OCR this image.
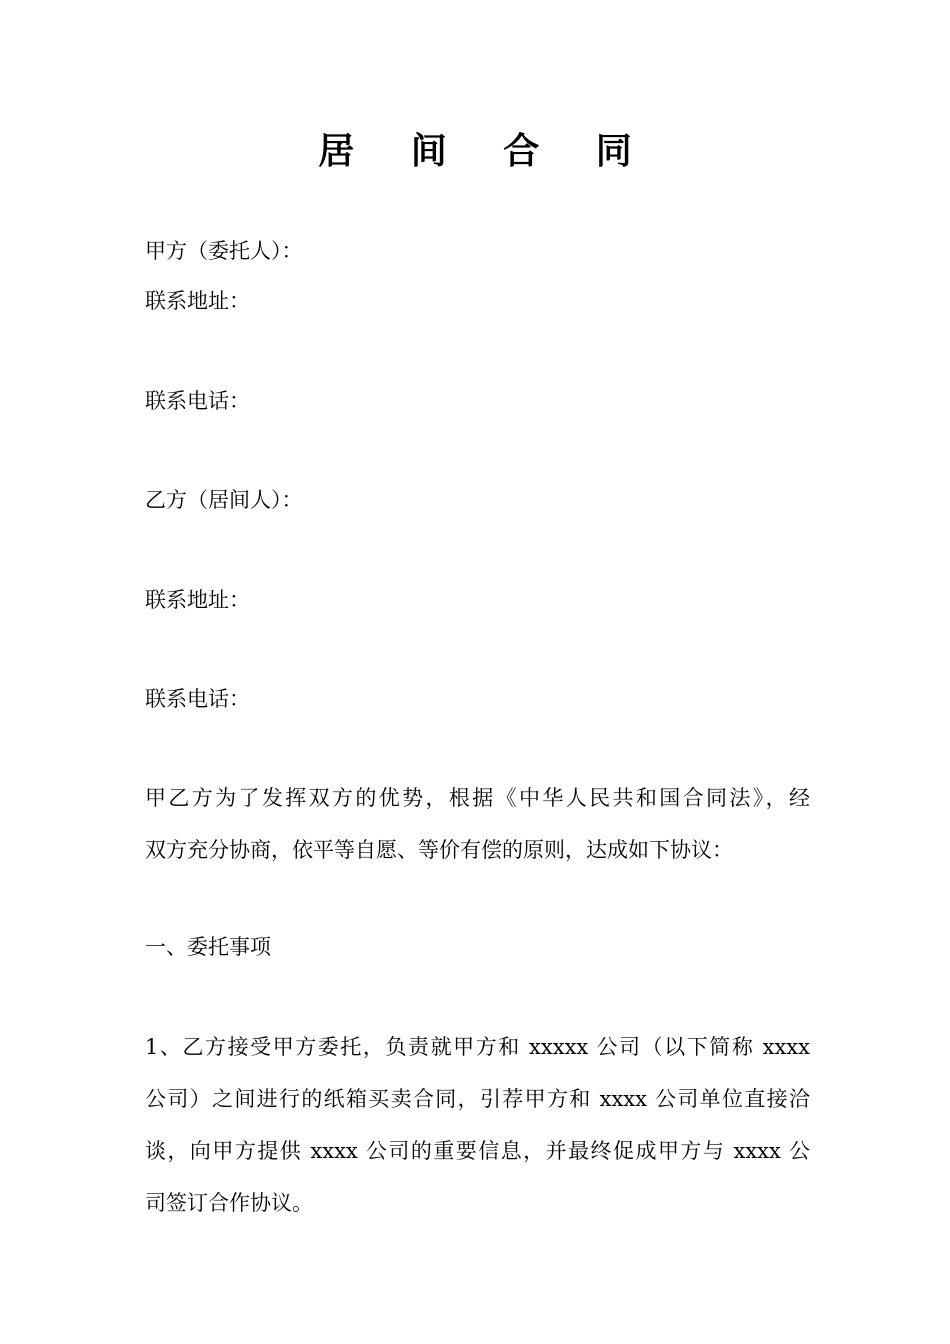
居 间 合 同
甲方（委托人）：
联系地址：
联系电话：
乙方（居间人）：
联系地址：
联系电话：
甲乙方为了发挥双方的优势，根据《中华人民共和国合同法》，经
双方充分协商，依平等自愿、等价有偿的原则，达成如下协议：
一、委托事项
1、乙方接受甲方委托，负责就甲方和 xxxxx 公司（以下简称 xxxx
公司）之间进行的纸箱买卖合同，引荐甲方和 xxxx 公司单位直接洽
谈，向甲方提供 xxxx 公司的重要信息，并最终促成甲方与 xxxx 公
司签订合作协议。
